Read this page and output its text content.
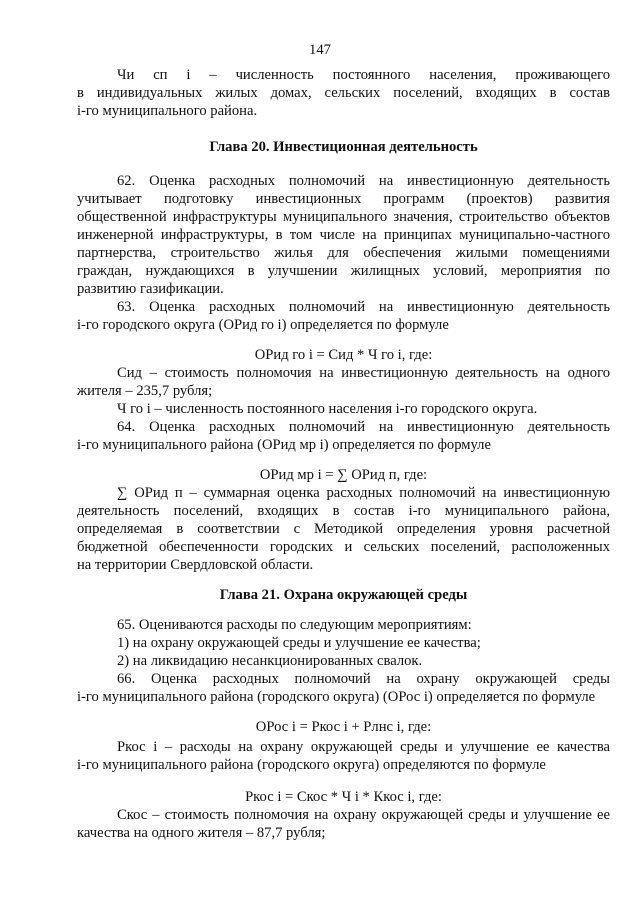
147
Чи сп i – численность постоянного населения, проживающего
в индивидуальных жилых домах, сельских поселений, входящих в состав
i-го муниципального района.
Глава 20. Инвестиционная деятельность
62. Оценка расходных полномочий на инвестиционную деятельность
учитывает подготовку инвестиционных программ (проектов) развития
общественной инфраструктуры муниципального значения, строительство объектов
инженерной инфраструктуры, в том числе на принципах муниципально-частного
партнерства, строительство жилья для обеспечения жилыми помещениями
граждан, нуждающихся в улучшении жилищных условий, мероприятия по
развитию газификации.
63. Оценка расходных полномочий на инвестиционную деятельность
i-го городского округа (ОРид го i) определяется по формуле
ОРид го i = Сид * Ч го i, где:
Сид – стоимость полномочия на инвестиционную деятельность на одного
жителя – 235,7 рубля;
Ч го i – численность постоянного населения i-го городского округа.
64. Оценка расходных полномочий на инвестиционную деятельность
i-го муниципального района (ОРид мр i) определяется по формуле
ОРид мр i = ∑ ОРид п, где:
∑ ОРид п – суммарная оценка расходных полномочий на инвестиционную
деятельность поселений, входящих в состав i-го муниципального района,
определяемая в соответствии с Методикой определения уровня расчетной
бюджетной обеспеченности городских и сельских поселений, расположенных
на территории Свердловской области.
Глава 21. Охрана окружающей среды
65. Оцениваются расходы по следующим мероприятиям:
1) на охрану окружающей среды и улучшение ее качества;
2) на ликвидацию несанкционированных свалок.
66. Оценка расходных полномочий на охрану окружающей среды
i-го муниципального района (городского округа) (ОРос i) определяется по формуле
ОРос i = Ркос i + Рлнс i, где:
Ркос i – расходы на охрану окружающей среды и улучшение ее качества
i-го муниципального района (городского округа) определяются по формуле
Ркос i = Скос * Ч i * Ккос i, где:
Скос – стоимость полномочия на охрану окружающей среды и улучшение ее
качества на одного жителя – 87,7 рубля;
